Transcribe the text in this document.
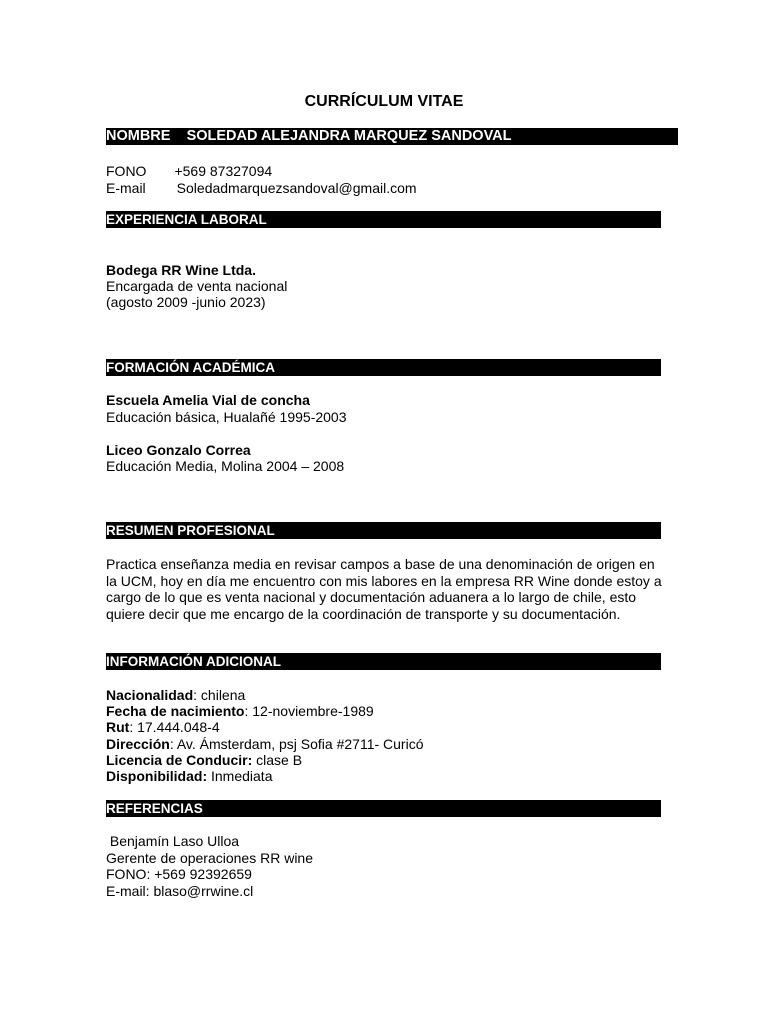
CURRÍCULUM VITAE
NOMBRE SOLEDAD ALEJANDRA MARQUEZ SANDOVAL
FONO +569 87327094
E-mail Soledadmarquezsandoval@gmail.com
EXPERIENCIA LABORAL
Bodega RR Wine Ltda.
Encargada de venta nacional
(agosto 2009 -junio 2023)
FORMACIÓN ACADÉMICA
Escuela Amelia Vial de concha
Educación básica, Hualañé 1995-2003
Liceo Gonzalo Correa
Educación Media, Molina 2004 – 2008
RESUMEN PROFESIONAL
Practica enseñanza media en revisar campos a base de una denominación de origen en
la UCM, hoy en día me encuentro con mis labores en la empresa RR Wine donde estoy a
cargo de lo que es venta nacional y documentación aduanera a lo largo de chile, esto
quiere decir que me encargo de la coordinación de transporte y su documentación.
INFORMACIÓN ADICIONAL
Nacionalidad: chilena
Fecha de nacimiento: 12-noviembre-1989
Rut: 17.444.048-4
Dirección: Av. Ámsterdam, psj Sofia #2711- Curicó
Licencia de Conducir: clase B
Disponibilidad: Inmediata
REFERENCIAS
Benjamín Laso Ulloa
Gerente de operaciones RR wine
FONO: +569 92392659
E-mail: blaso@rrwine.cl
